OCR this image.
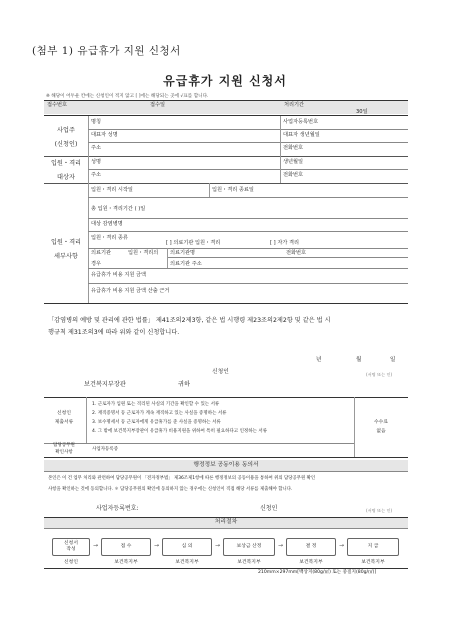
(첨부 1) 유급휴가 지원 신청서
유급휴가 지원 신청서
※ 해당이 어두운 칸에는 신청인이 적지 않고 [ ]에는 해당되는 곳에 √표를 합니다.
접수번호	접수일	처리기간
30일
사업주
(신청인)
명칭	사업자등록번호
대표자 성명	대표자 생년월일
주소	전화번호
입원・격리
대상자
성명	생년월일
주소	전화번호
입원・격리
세부사항
입원・격리 시작일	입원・격리 종료일
총 입원・격리기간 ( )일
대상 감염병명
입원・격리 종류
[ ] 의료기관 입원・격리	[ ] 자가 격리
의료기관	입원・격리의
경우
의료기관명	전화번호
의료기관 주소
유급휴가 비용 지원 금액
유급휴가 비용 지원 금액 산출 근거
「감염병의 예방 및 관리에 관한 법률」 제41조의2제3항, 같은 법 시행령 제23조의2제2항 및 같은 법 시
행규칙 제31조의3에 따라 위와 같이 신청합니다.
년	월	일
신청인	(서명 또는 인)
보건복지부장관	귀하
신청인
제출서류
1. 근로자가 입원 또는 격리된 사실의 기간을 확인할 수 있는 서류
2. 재직증명서 등 근로자가 계속 재직하고 있는 사실을 증명하는 서류
3. 보수명세서 등 근로자에게 유급휴가를 준 사실을 증명하는 서류
4. 그 밖에 보건복지부장관이 유급휴가 비용지원을 위하여 특히 필요하다고 인정하는 서류
수수료
없음
담당공무원
확인사항
사업자등록증
행정정보 공동이용 동의서
본인은 이 건 업무 처리와 관련하여 담당공무원이 「전자정부법」 제36조제1항에 따른 행정정보의 공동이용을 통하여 위의 담당공무원 확인
사항을 확인하는 것에 동의합니다. ＊ 담당공무원의 확인에 동의하지 않는 경우에는 신청인이 직접 해당 서류를 제출해야 합니다.
사업자등록번호:	신청인	(서명 또는 인)
처리절차
신청서
작성
→	접 수	→	심 의	→	보상금 산정	→	결 정	→	지 급
신청인	보건복지부	보건복지부	보건복지부	보건복지부	보건복지부
210mm×297mm[백상지(80g/㎡) 또는 중질지(80g/㎡)]
